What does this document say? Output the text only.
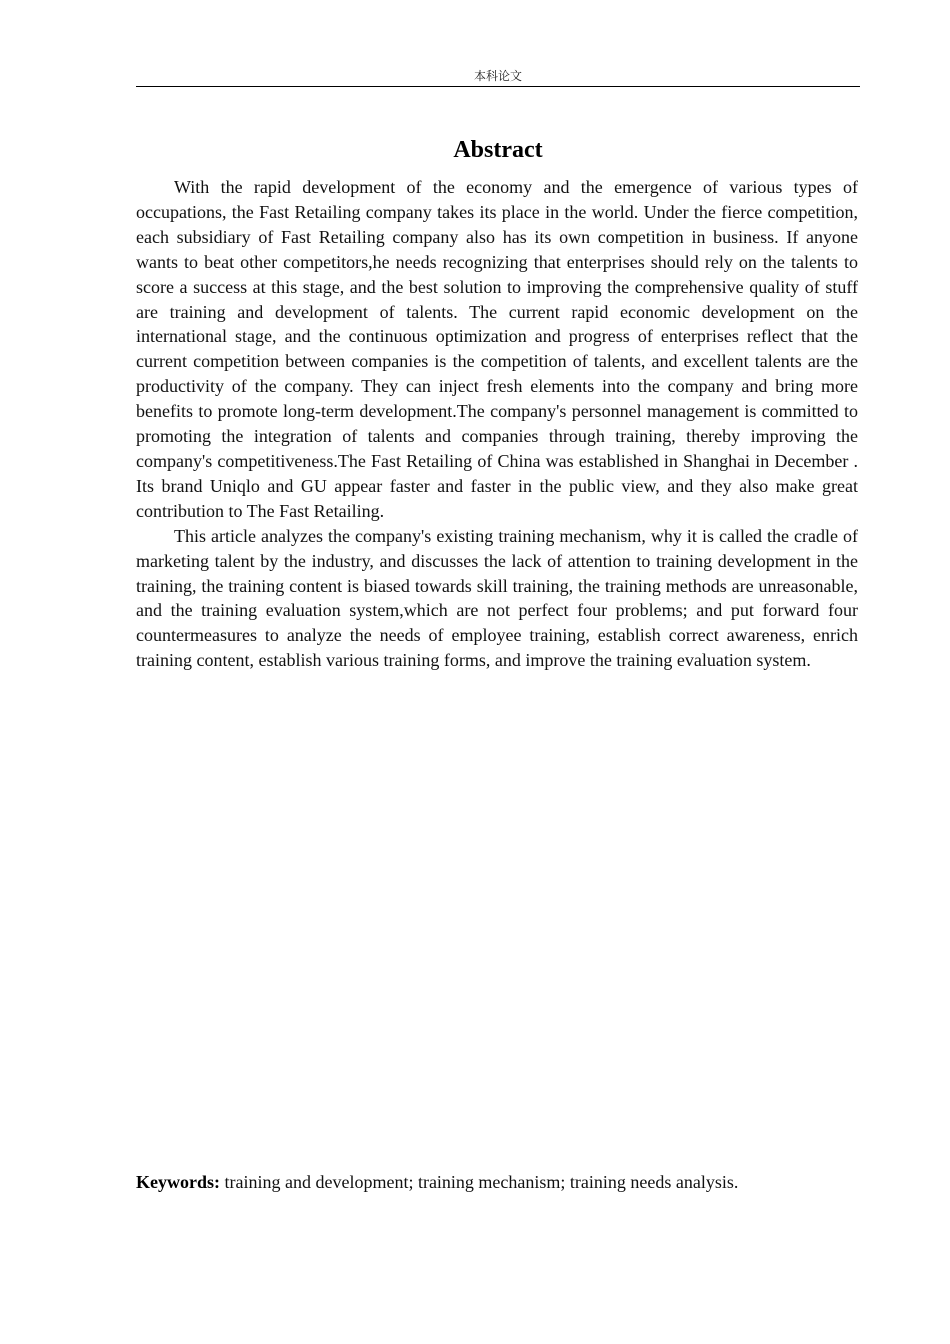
本科论文
Abstract

With the rapid development of the economy and the emergence of various types of occupations, the Fast Retailing company takes its place in the world. Under the fierce competition, each subsidiary of Fast Retailing company also has its own competition in business. If anyone wants to beat other competitors,he needs recognizing that enterprises should rely on the talents to score a success at this stage, and the best solution to improving the comprehensive quality of stuff are training and development of talents. The current rapid economic development on the international stage, and the continuous optimization and progress of enterprises reflect that the current competition between companies is the competition of talents, and excellent talents are the productivity of the company. They can inject fresh elements into the company and bring more benefits to promote long-term development.The company's personnel management is committed to promoting the integration of talents and companies through training, thereby improving the company's competitiveness.The Fast Retailing of China was established in Shanghai in December . Its brand Uniqlo and GU appear faster and faster in the public view, and they also make great contribution to The Fast Retailing.

This article analyzes the company's existing training mechanism, why it is called the cradle of marketing talent by the industry, and discusses the lack of attention to training development in the training, the training content is biased towards skill training, the training methods are unreasonable, and the training evaluation system,which are not perfect four problems; and put forward four countermeasures to analyze the needs of employee training, establish correct awareness, enrich training content, establish various training forms, and improve the training evaluation system.

Keywords: training and development; training mechanism; training needs analysis.
